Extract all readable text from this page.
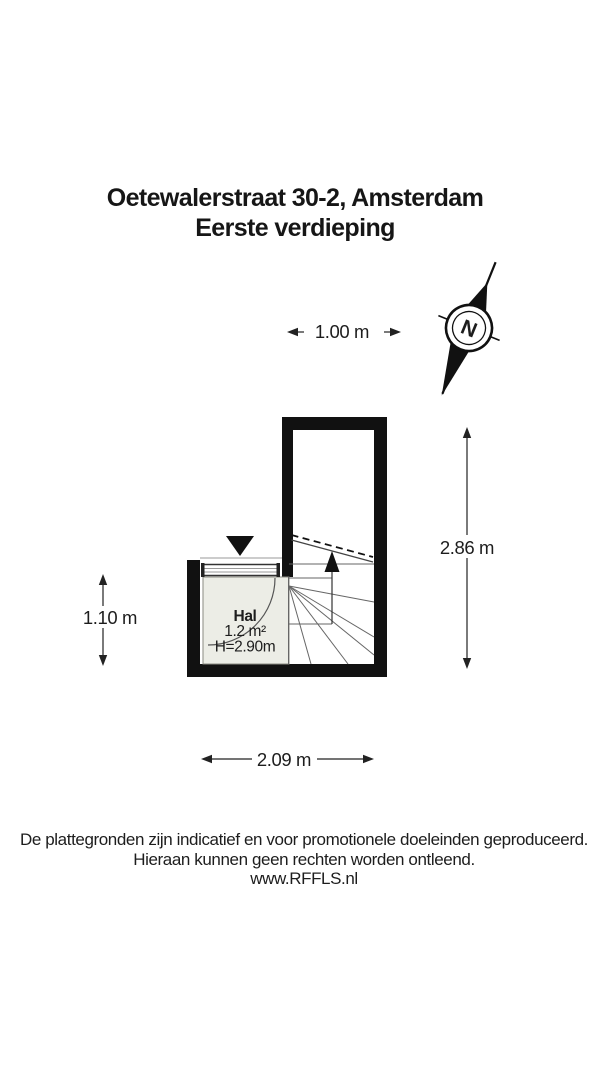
Oetewalerstraat 30-2, Amsterdam
Eerste verdieping
N
Hal
1.2 m²
H=2.90m
1.00 m
2.86 m
1.10 m
2.09 m
De plattegronden zijn indicatief en voor promotionele doeleinden geproduceerd.
Hieraan kunnen geen rechten worden ontleend.
www.RFFLS.nl
